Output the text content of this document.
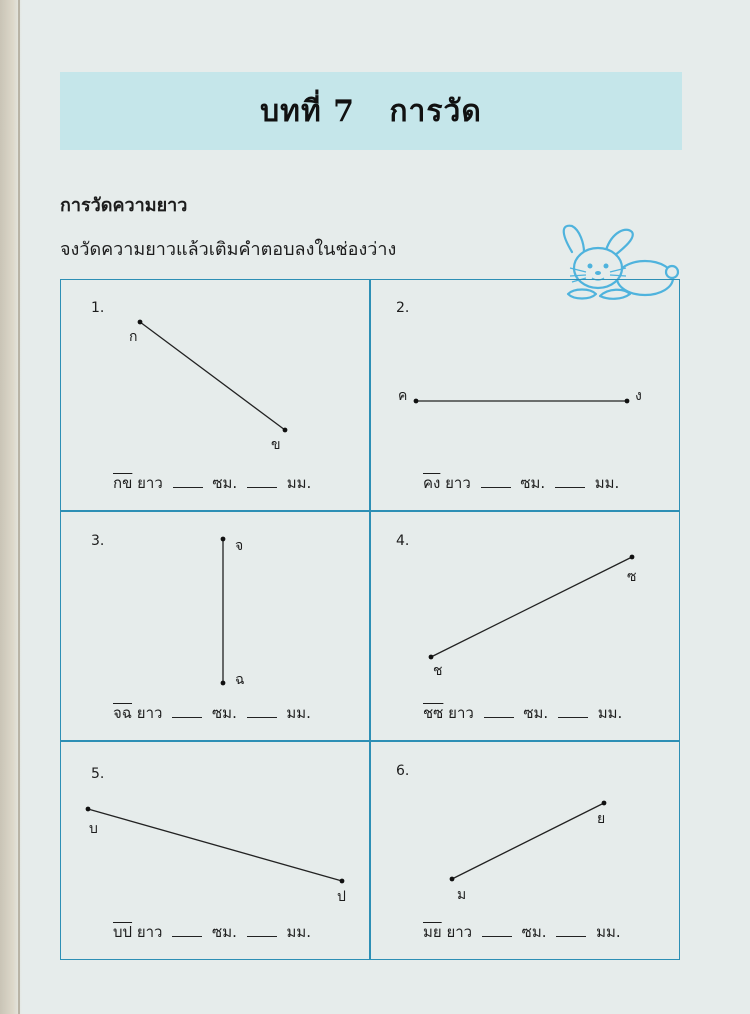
บทที่ 7   การวัด
การวัดความยาว
จงวัดความยาวแล้วเติมคำตอบลงในช่องว่าง
1.
ก
ข
กข ยาว	ซม.	มม.
2.
ค	ง
คง ยาว	ซม.	มม.
3.	จ
ฉ
จฉ ยาว	ซม.	มม.
4.
ช
ซ
ชซ ยาว	ซม.	มม.
5.
บ
ป
บป ยาว	ซม.	มม.
6.
ม
ย
มย ยาว	ซม.	มม.
